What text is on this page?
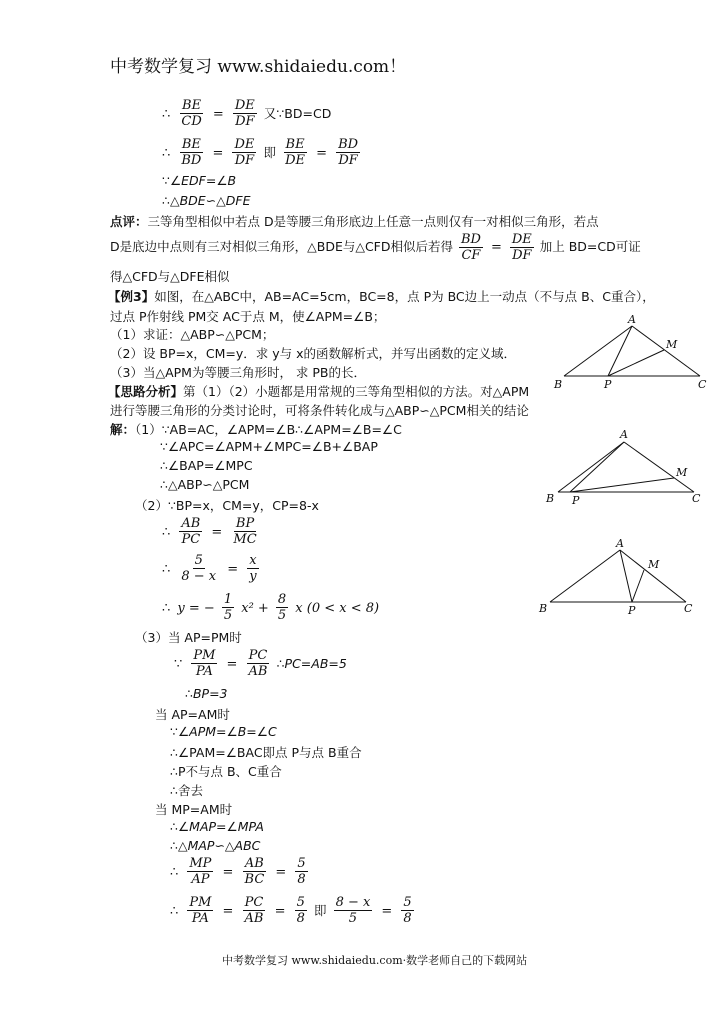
中考数学复习 www.shidaiedu.com！
∴ $\frac{BE}{CD} = \frac{DE}{DF}$ 又∵BD=CD
∴ $\frac{BE}{BD} = \frac{DE}{DF}$ 即 $\frac{BE}{DE} = \frac{BD}{DF}$
∵∠EDF=∠B
∴△BDE∽△DFE
点评：三等角型相似中若点 D是等腰三角形底边上任意一点则仅有一对相似三角形，若点
D是底边中点则有三对相似三角形，△BDE与△CFD相似后若得 $\frac{BD}{CF} = \frac{DE}{DF}$ 加上 BD=CD可证
得△CFD与△DFE相似
【例3】如图，在△ABC中，AB=AC=5cm，BC=8，点 P为 BC边上一动点（不与点 B、C重合），
过点 P作射线 PM交 AC于点 M，使∠APM=∠B；
（1）求证：△ABP∽△PCM；
（2）设 BP=x，CM=y．求 y与 x的函数解析式，并写出函数的定义域．
（3）当△APM为等腰三角形时， 求 PB的长．
【思路分析】第（1）（2）小题都是用常规的三等角型相似的方法。对△APM
进行等腰三角形的分类讨论时，可将条件转化成与△ABP∽△PCM相关的结论
解：（1）∵AB=AC，∠APM=∠B∴∠APM=∠B=∠C
∵∠APC=∠APM+∠MPC=∠B+∠BAP
∴∠BAP=∠MPC
∴△ABP∽△PCM
（2）∵BP=x，CM=y，CP=8-x
∴ $\frac{AB}{PC} = \frac{BP}{MC}$
∴ $\frac{5}{8 - x} = \frac{x}{y}$
∴ y = − $\frac{1}{5} x^2 + \frac{8}{5}$ x (0 < x < 8)
（3）当 AP=PM时
∵ $\frac{PM}{PA} = \frac{PC}{AB}$ ∴PC=AB=5
∴BP=3
当 AP=AM时
∵∠APM=∠B=∠C
∴∠PAM=∠BAC即点 P与点 B重合
∴P不与点 B、C重合
∴舍去
当 MP=AM时
∴∠MAP=∠MPA
∴△MAP∽△ABC
∴ $\frac{MP}{AP} = \frac{AB}{BC} = \frac{5}{8}$
∴ $\frac{PM}{PA} = \frac{PC}{AB} = \frac{5}{8}$ 即 $\frac{8 - x}{5} = \frac{5}{8}$
中考数学复习 www.shidaiedu.com·数学老师自己的下载网站
A
B	C
P
M
A
B	C
P
M
A
B	C
P
M
